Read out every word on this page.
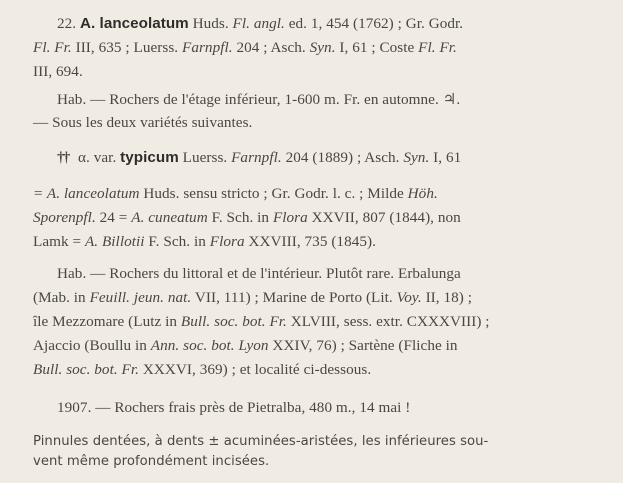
22. A. lanceolatum Huds. Fl. angl. ed. 1, 454 (1762) ; Gr. Godr.
Fl. Fr. III, 635 ; Luerss. Farnpfl. 204 ; Asch. Syn. I, 61 ; Coste Fl. Fr.
III, 694.
Hab. — Rochers de l'étage inférieur, 1-600 m. Fr. en automne. ♃.
— Sous les deux variétés suivantes.
†† α. var. typicum Luerss. Farnpfl. 204 (1889) ; Asch. Syn. I, 61
= A. lanceolatum Huds. sensu stricto ; Gr. Godr. l. c. ; Milde Höh.
Sporenpfl. 24 = A. cuneatum F. Sch. in Flora XXVII, 807 (1844), non
Lamk = A. Billotii F. Sch. in Flora XXVIII, 735 (1845).
Hab. — Rochers du littoral et de l'intérieur. Plutôt rare. Erbalunga
(Mab. in Feuill. jeun. nat. VII, 111) ; Marine de Porto (Lit. Voy. II, 18) ;
île Mezzomare (Lutz in Bull. soc. bot. Fr. XLVIII, sess. extr. CXXXVIII) ;
Ajaccio (Boullu in Ann. soc. bot. Lyon XXIV, 76) ; Sartène (Fliche in
Bull. soc. bot. Fr. XXXVI, 369) ; et localité ci-dessous.
1907. — Rochers frais près de Pietralba, 480 m., 14 mai !
Pinnules dentées, à dents ± acuminées-aristées, les inférieures sou-
vent même profondément incisées.
